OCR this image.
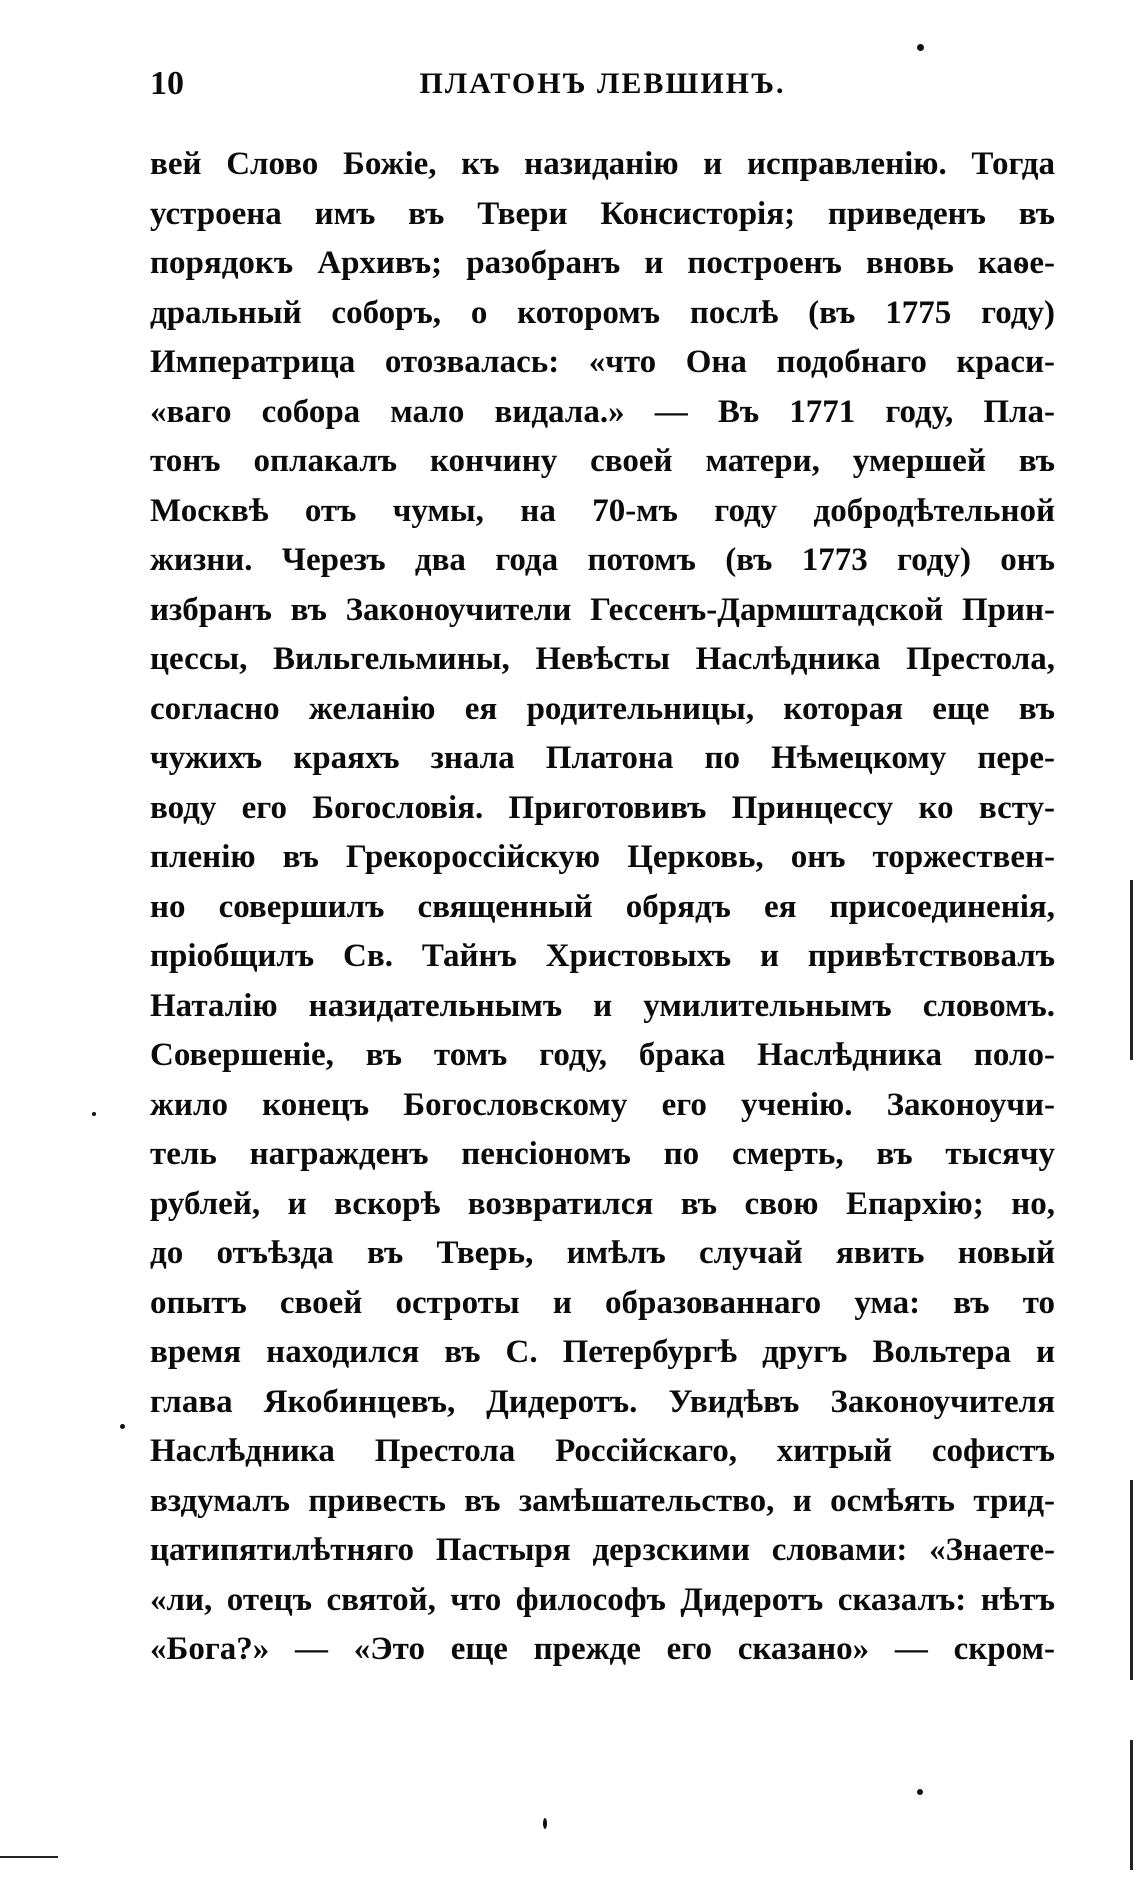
10	ПЛАТОНЪ ЛЕВШИНЪ.
вей Слово Божіе, къ назиданію и исправленію. Тогда
устроена имъ въ Твери Консисторія; приведенъ въ
порядокъ Архивъ; разобранъ и построенъ вновь каѳе-
дральный соборъ, о которомъ послѣ (въ 1775 году)
Императрица отозвалась: «что Она подобнаго краси-
«ваго собора мало видала.» — Въ 1771 году, Пла-
тонъ оплакалъ кончину своей матери, умершей въ
Москвѣ отъ чумы, на 70-мъ году добродѣтельной
жизни. Черезъ два года потомъ (въ 1773 году) онъ
избранъ въ Законоучители Гессенъ-Дармштадской Прин-
цессы, Вильгельмины, Невѣсты Наслѣдника Престола,
согласно желанію ея родительницы, которая еще въ
чужихъ краяхъ знала Платона по Нѣмецкому пере-
воду его Богословія. Приготовивъ Принцессу ко всту-
пленію въ Грекороссійскую Церковь, онъ торжествен-
но совершилъ священный обрядъ ея присоединенія,
пріобщилъ Св. Тайнъ Христовыхъ и привѣтствовалъ
Наталію назидательнымъ и умилительнымъ словомъ.
Совершеніе, въ томъ году, брака Наслѣдника поло-
жило конецъ Богословскому его ученію. Законоучи-
тель награжденъ пенсіономъ по смерть, въ тысячу
рублей, и вскорѣ возвратился въ свою Епархію; но,
до отъѣзда въ Тверь, имѣлъ случай явить новый
опытъ своей остроты и образованнаго ума: въ то
время находился въ С. Петербургѣ другъ Вольтера и
глава Якобинцевъ, Дидеротъ. Увидѣвъ Законоучителя
Наслѣдника Престола Россійскаго, хитрый софистъ
вздумалъ привесть въ замѣшательство, и осмѣять трид-
цатипятилѣтняго Пастыря дерзскими словами: «Знаете-
«ли, отецъ святой, что философъ Дидеротъ сказалъ: нѣтъ
«Бога?» — «Это еще прежде его сказано» — скром-
